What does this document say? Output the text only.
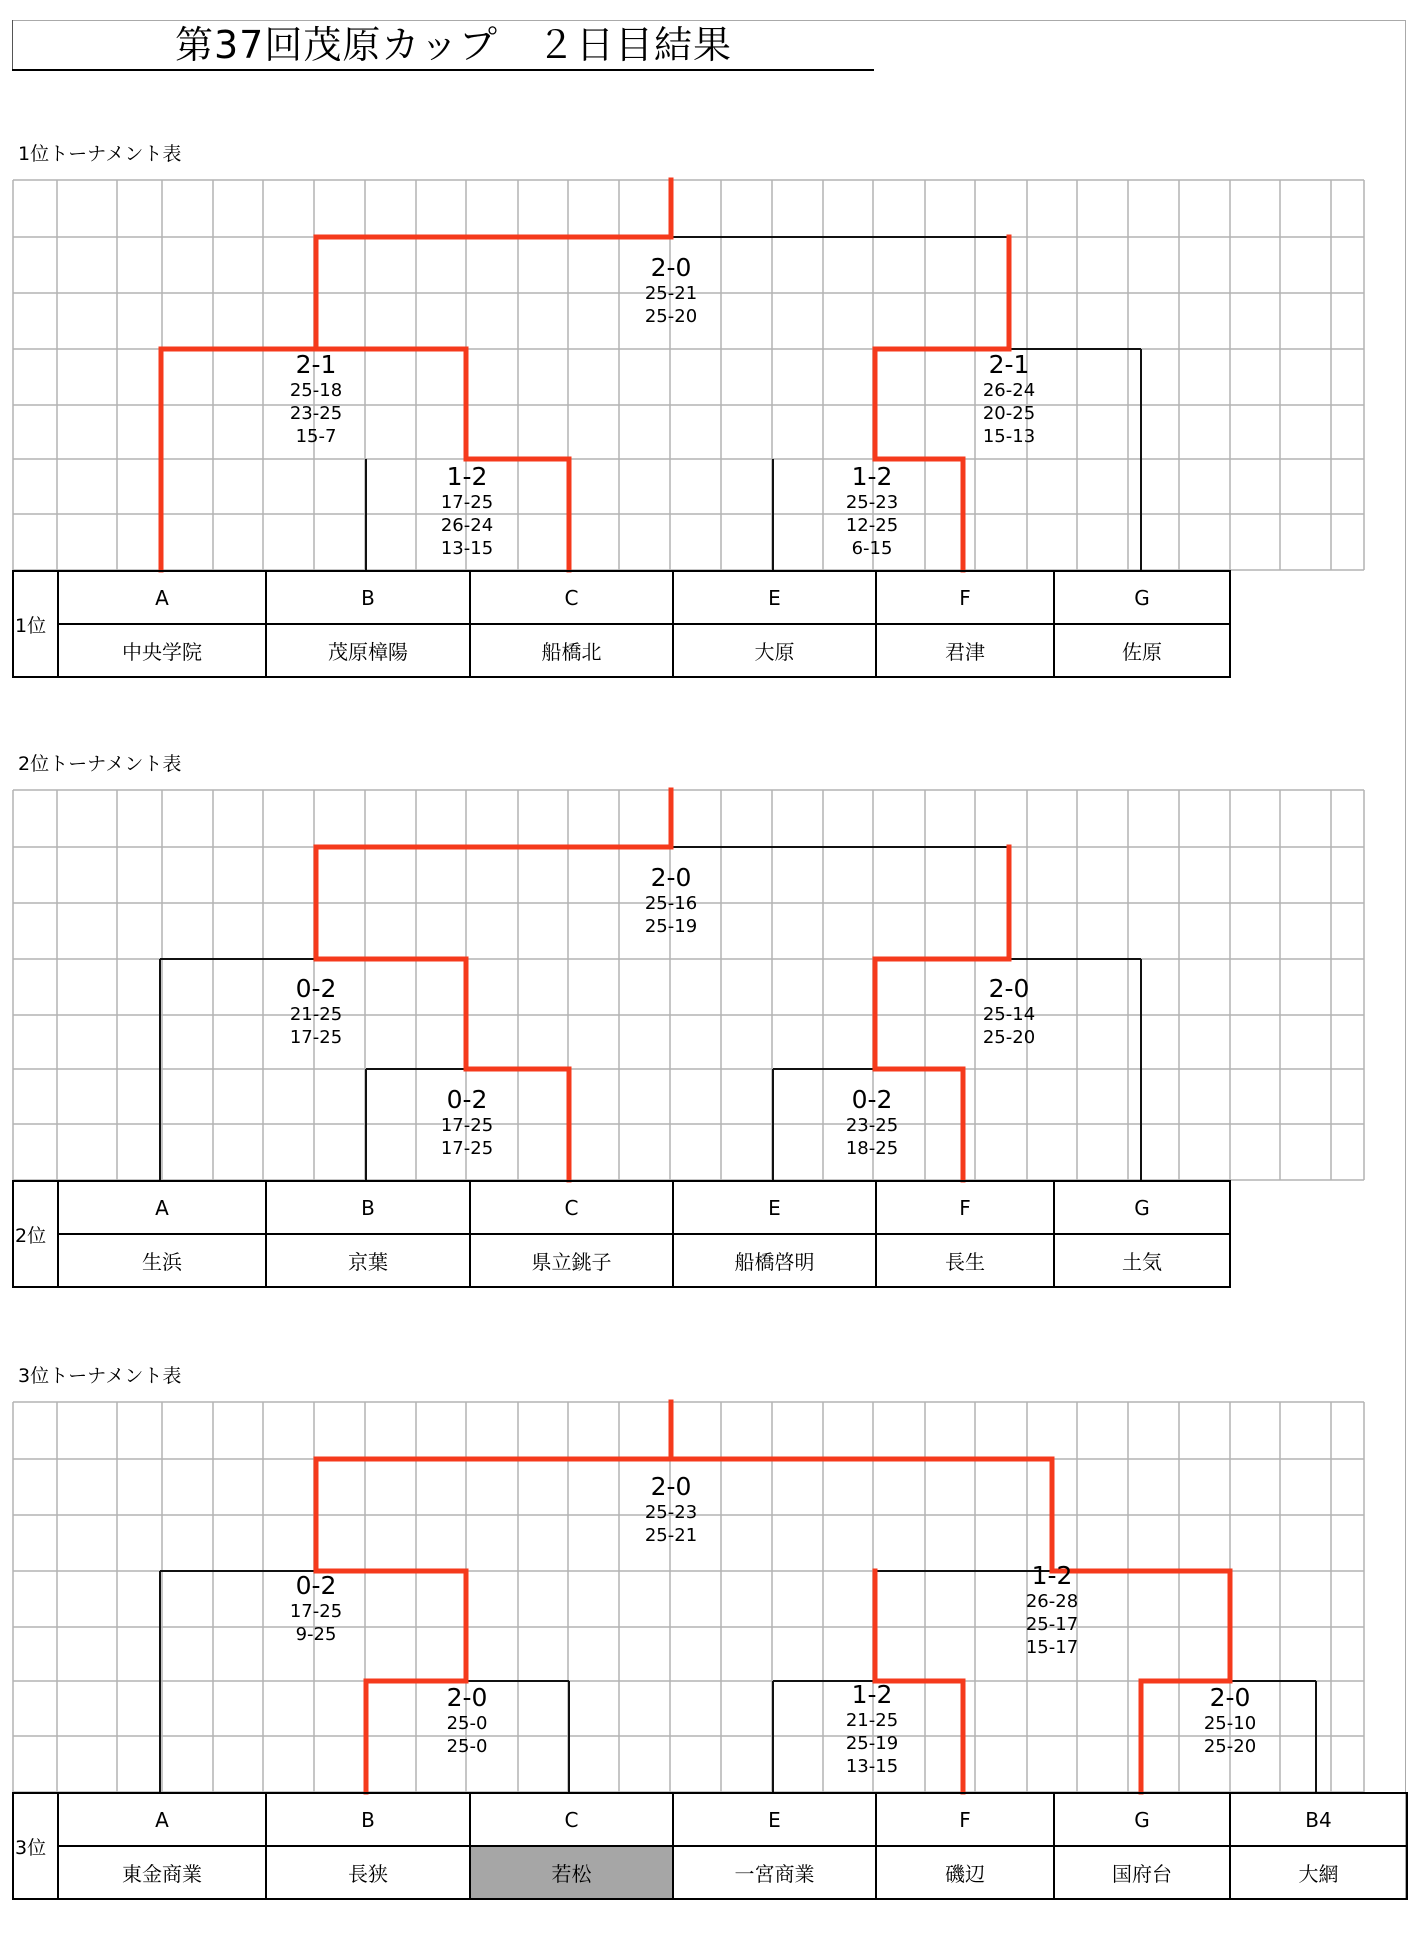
第37回茂原カップ　２日目結果
1位トーナメント表
2-0
25-21
25-20
2-1
25-18
23-25
15-7
2-1
26-24
20-25
15-13
1-2
17-25
26-24
13-15
1-2
25-23
12-25
6-15
1位	A	B	C	E	F	G
	中央学院	茂原樟陽	船橋北	大原	君津	佐原
2位トーナメント表
2-0
25-16
25-19
0-2
21-25
17-25
2-0
25-14
25-20
0-2
17-25
17-25
0-2
23-25
18-25
2位	A	B	C	E	F	G
	生浜	京葉	県立銚子	船橋啓明	長生	土気
3位トーナメント表
2-0
25-23
25-21
0-2
17-25
9-25
1-2
26-28
25-17
15-17
2-0
25-0
25-0
1-2
21-25
25-19
13-15
2-0
25-10
25-20
3位	A	B	C	E	F	G	B4
	東金商業	長狭	若松	一宮商業	磯辺	国府台	大網
